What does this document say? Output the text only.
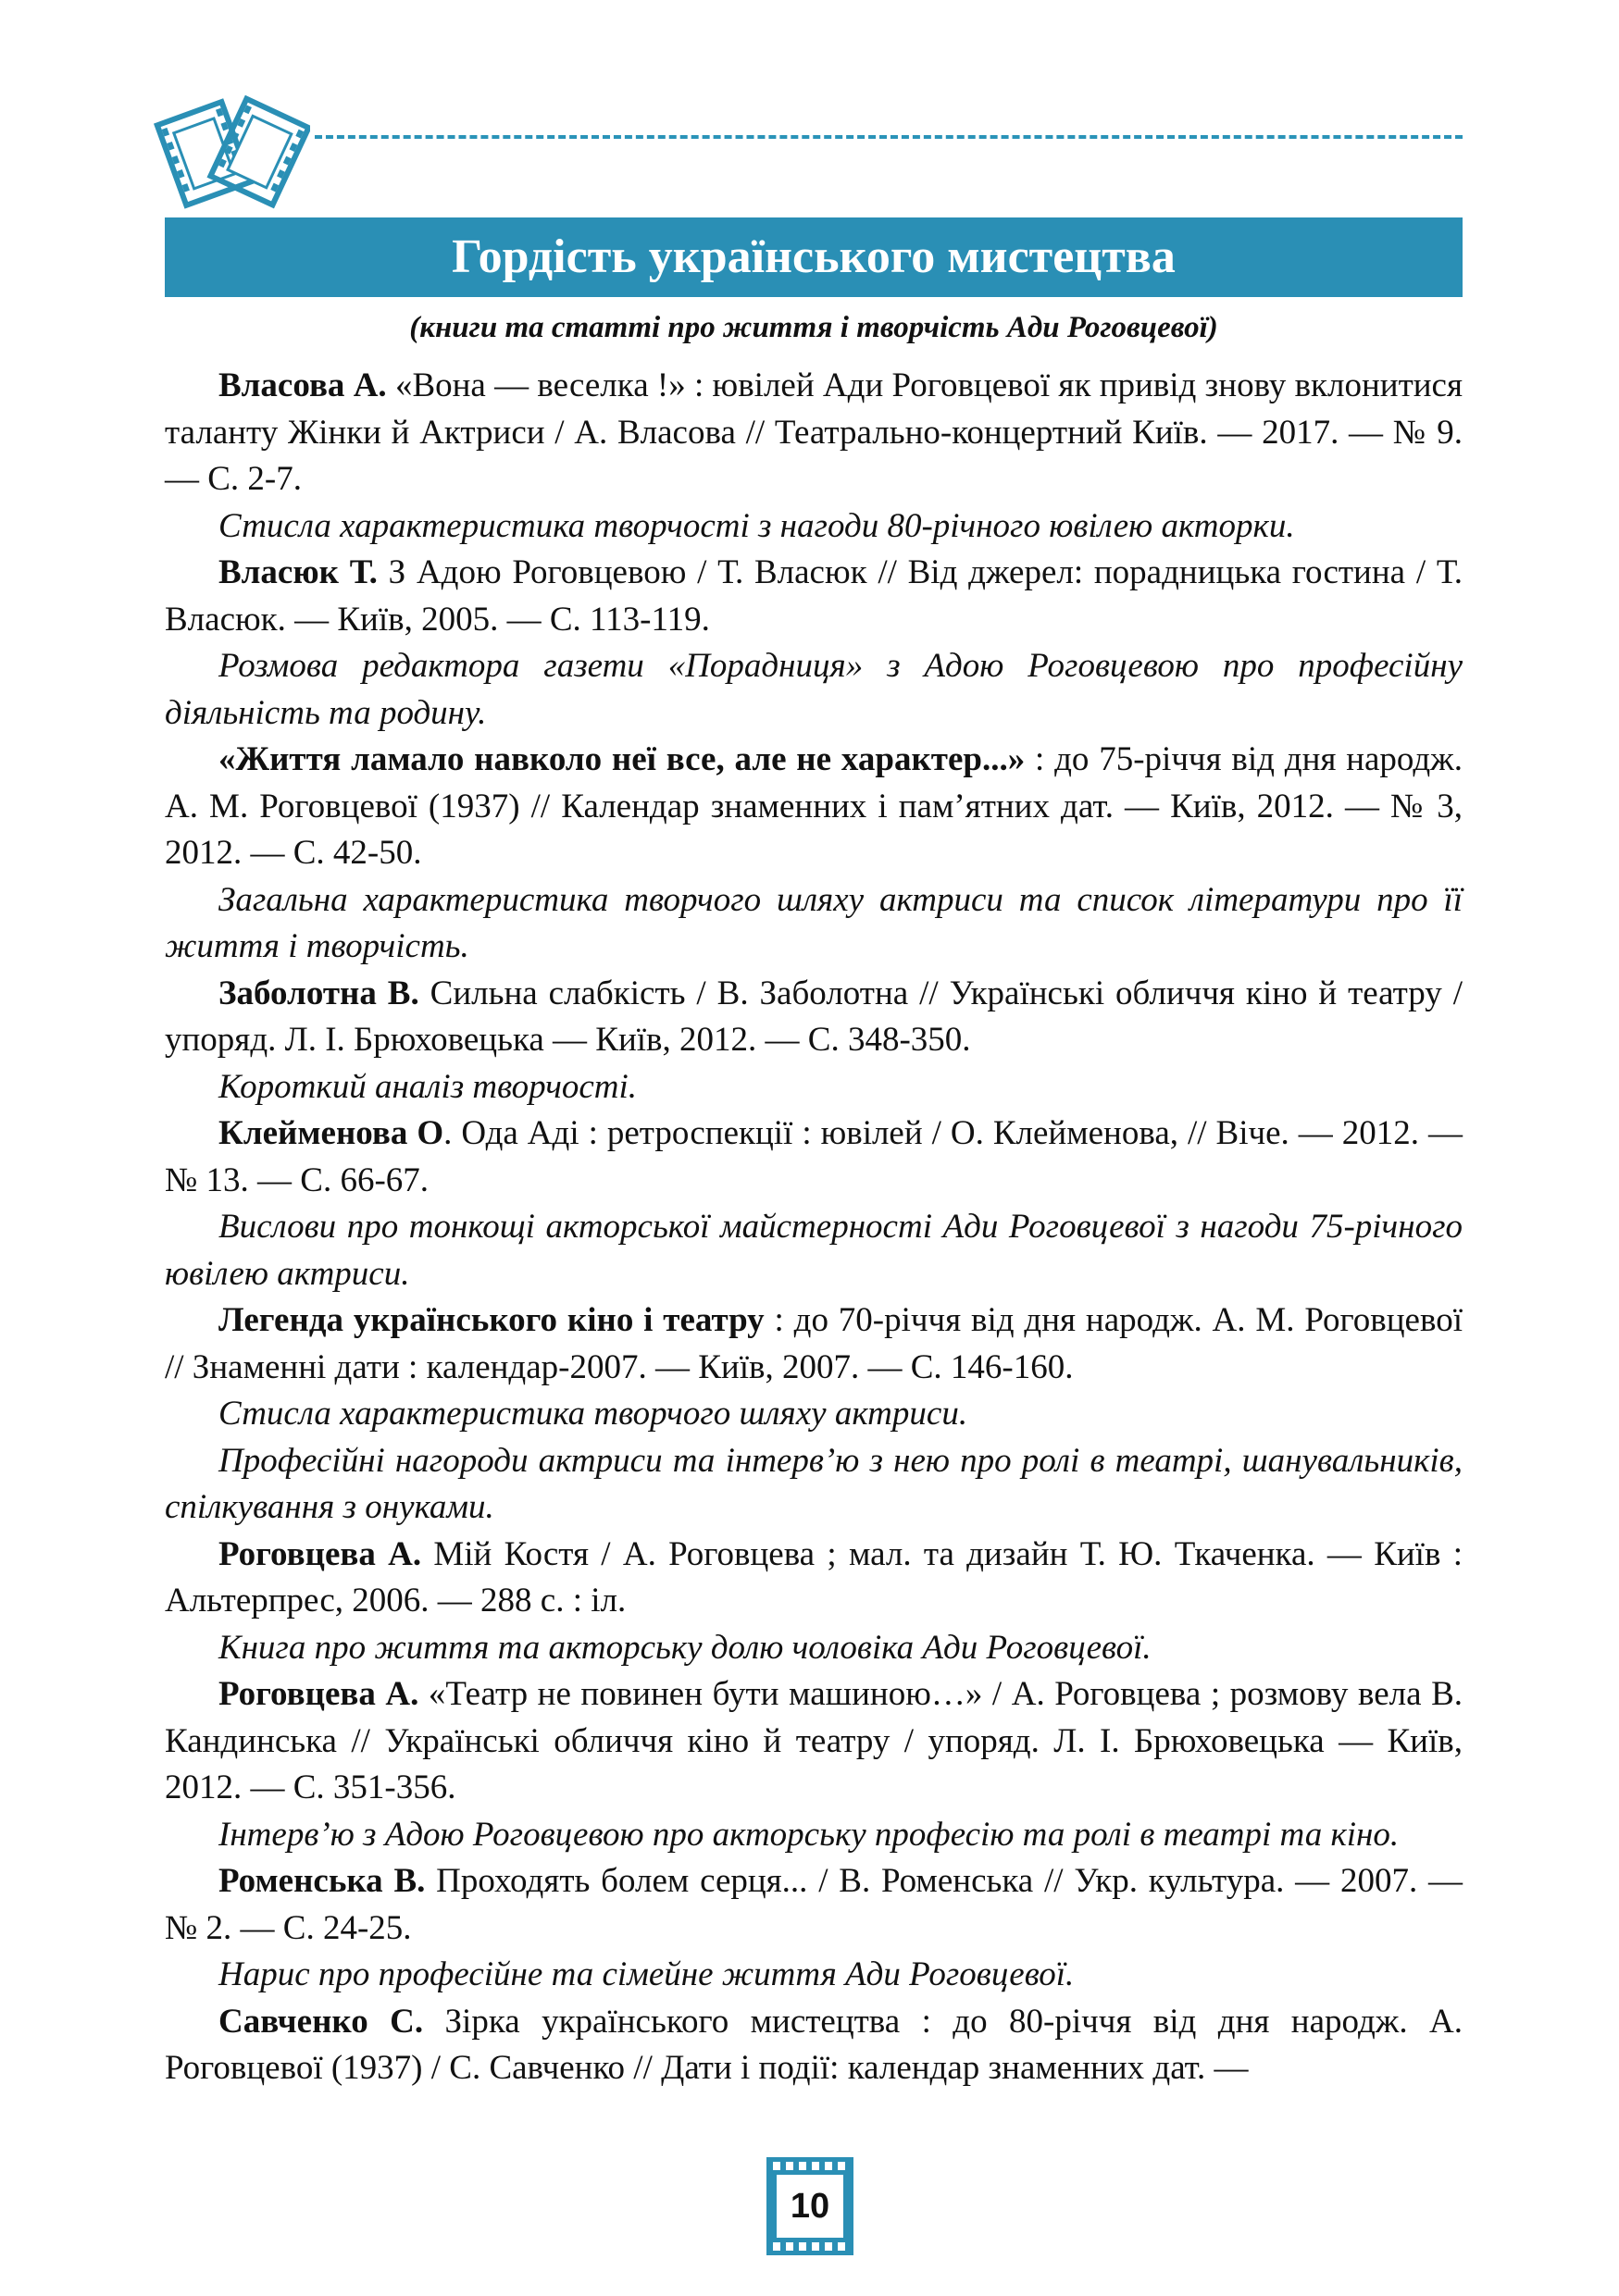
Гордість українського мистецтва
(книги та статті про життя і творчість Ади Роговцевої)

Власова А. «Вона — веселка !» : ювілей Ади Роговцевої як привід знову вклонитися таланту Жінки й Актриси / А. Власова // Театрально-концертний Київ. — 2017. — № 9. — С. 2-7.

Стисла характеристика творчості з нагоди 80-річного ювілею акторки.

Власюк Т. З Адою Роговцевою / Т. Власюк // Від джерел: порадницька гостина / Т. Власюк. — Київ, 2005. — С. 113-119.

Розмова редактора газети «Порадниця» з Адою Роговцевою про професійну діяльність та родину.

«Життя ламало навколо неї все, але не характер...» : до 75-річчя від дня народж. А. М. Роговцевої (1937) // Календар знаменних і пам’ятних дат. — Київ, 2012. — № 3, 2012. — С. 42-50.

Загальна характеристика творчого шляху актриси та список літератури про її життя і творчість.

Заболотна В. Сильна слабкість / В. Заболотна // Українські обличчя кіно й театру / упоряд. Л. І. Брюховецька — Київ, 2012. — С. 348-350.

Короткий аналіз творчості.

Клейменова О. Ода Аді : ретроспекції : ювілей / О. Клейменова, // Віче. — 2012. — № 13. — С. 66-67.

Вислови про тонкощі акторської майстерності Ади Роговцевої з нагоди 75-річного ювілею актриси.

Легенда українського кіно і театру : до 70-річчя від дня народж. А. М. Роговцевої // Знаменні дати : календар-2007. — Київ, 2007. — С. 146-160.

Стисла характеристика творчого шляху актриси.

Професійні нагороди актриси та інтерв’ю з нею про ролі в театрі, шанувальників, спілкування з онуками.

Роговцева А. Мій Костя / А. Роговцева ; мал. та дизайн Т. Ю. Ткаченка. — Київ : Альтерпрес, 2006. — 288 с. : іл.

Книга про життя та акторську долю чоловіка Ади Роговцевої.

Роговцева А. «Театр не повинен бути машиною…» / А. Роговцева ; розмову вела В. Кандинська // Українські обличчя кіно й театру / упоряд. Л. І. Брюховецька — Київ, 2012. — С. 351-356.

Інтерв’ю з Адою Роговцевою про акторську професію та ролі в театрі та кіно.

Роменська В. Проходять болем серця... / В. Роменська // Укр. культура. — 2007. — № 2. — С. 24-25.

Нарис про професійне та сімейне життя Ади Роговцевої.

Савченко С. Зірка українського мистецтва : до 80-річчя від дня народж. А. Роговцевої (1937) / С. Савченко // Дати і події: календар знаменних дат. —

10
